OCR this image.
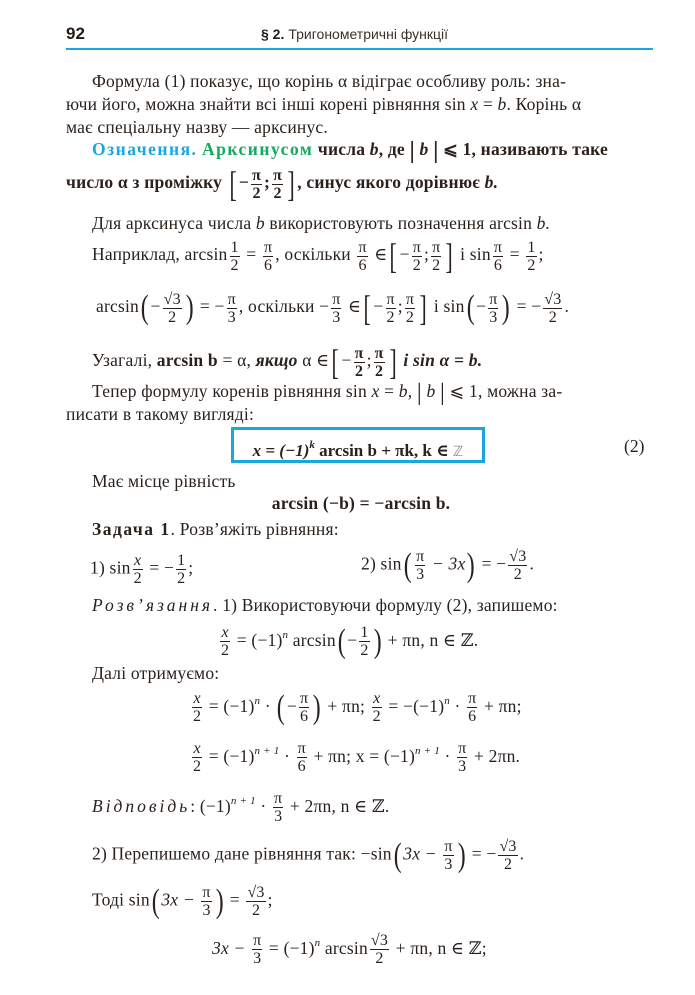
92	§ 2. Тригонометричні функції
Формула (1) показує, що корінь α відіграє особливу роль: зна-
ючи його, можна знайти всі інші корені рівняння sin x = b. Корінь α
має спеціальну назву — арксинус.
Означення. Арксинусом числа b, де | b | ⩽ 1, називають таке
число α з проміжку [ − $\frac{\pi}{2}$ ; $\frac{\pi}{2}$ ] , синус якого дорівнює b.
Для арксинуса числа b використовують позначення arcsin b.
Наприклад, $\arcsin \frac{1}{2} = \frac{\pi}{6}$ , оскільки $\frac{\pi}{6}$ ∈[ − $\frac{\pi}{2}$ ; $\frac{\pi}{2}$ ] і $\sin \frac{\pi}{6} = \frac{1}{2}$ ;
$\arcsin(- \frac{√3}{2}$ ) = − $\frac{\pi}{3}$ , оскільки − $\frac{\pi}{3}$ ∈[ − $\frac{\pi}{2}$ ; $\frac{\pi}{2}$ ] і $\sin(- \frac{\pi}{3}$ ) = − $\frac{√3}{2}$ .
Узагалі, arcsin b = α, якщо α ∈[ − $\frac{\pi}{2}$ ; $\frac{\pi}{2}$ ] і sin α = b.
Тепер формулу коренів рівняння sin x = b, | b | ⩽ 1, можна за-
писати в такому вигляді:
$x = (-1)^k$ arcsin b + πk, k ∈ ℤ	(2)
Має місце рівність
arcsin (−b) = −arcsin b.
Задача 1. Розв’яжіть рівняння:
1) $\sin \frac{x}{2}$ = − $\frac{1}{2}$ ;	2) $\sin( \frac{\pi}{3} - 3x)$ = − $\frac{√3}{2}$ .
Розв’язання. 1) Використовуючи формулу (2), запишемо:
$\frac{x}{2} = (-1)^n$ $\arcsin(- \frac{1}{2}$ ) + πn, n ∈ ℤ.
Далі отримуємо:
$\frac{x}{2} = (-1)^n$ · (− $\frac{\pi}{6}$ ) + πn; $\frac{x}{2} = -(-1)^n \cdot \frac{\pi}{6} + \pi n$;
$\frac{x}{2} = (-1)^{n + 1} \cdot \frac{\pi}{6} + \pi n$; $x = (-1)^{n + 1} \cdot \frac{\pi}{3} + 2\pi n$.
Відповідь: $(-1)^{n + 1} \cdot \frac{\pi}{3} + 2\pi n$, n ∈ ℤ.
2) Перепишемо дане рівняння так: $-\sin(3x - \frac{\pi}{3}$ ) = − $\frac{√3}{2}$ .
Тоді $\sin(3x - \frac{\pi}{3}$ ) = $\frac{√3}{2}$ ;
$3x - \frac{\pi}{3} = (-1)^n$ $\arcsin \frac{√3}{2} + \pi n$, n ∈ ℤ;
